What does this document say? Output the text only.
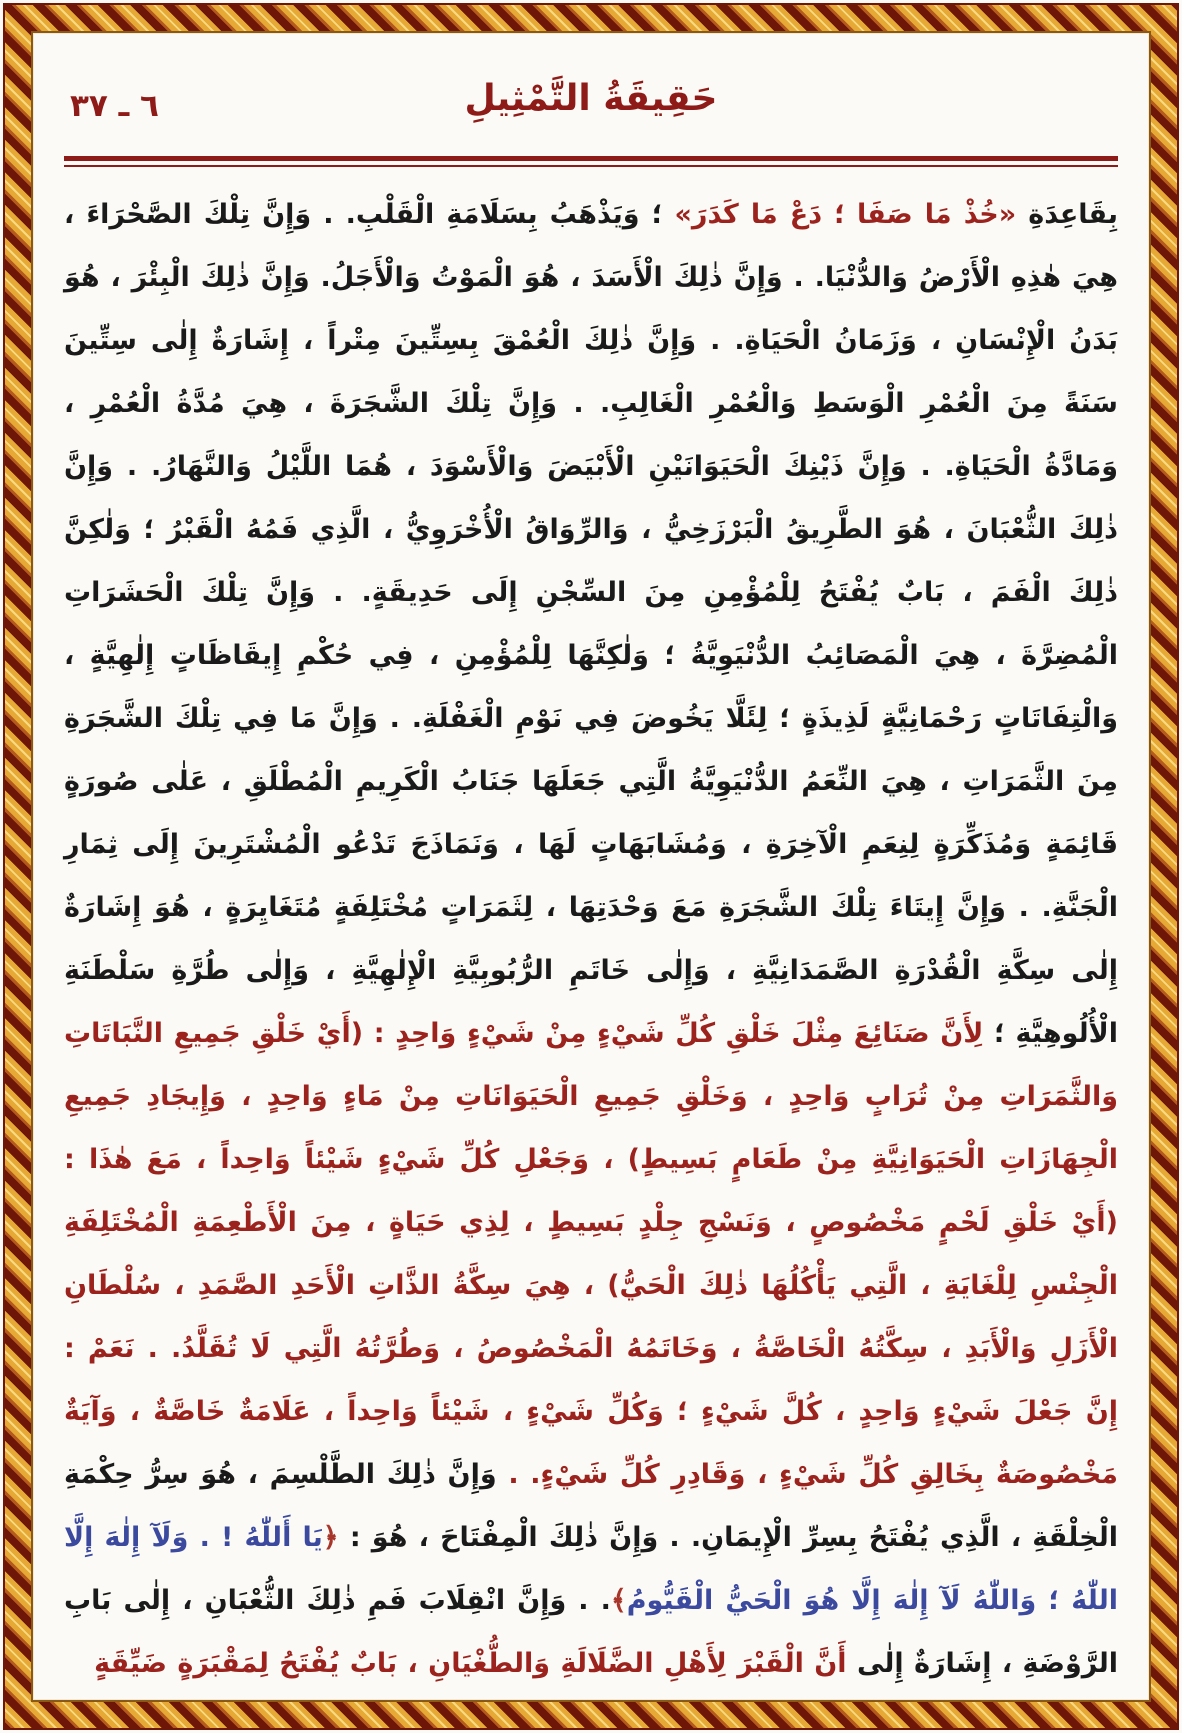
٦ ـ ٣٧	حَقِيقَةُ التَّمْثِيلِ

بِقَاعِدَةِ «خُذْ مَا صَفَا ؛ دَعْ مَا كَدَرَ» ؛ وَيَذْهَبُ بِسَلَامَةِ الْقَلْبِ. . وَإِنَّ تِلْكَ الصَّحْرَاءَ ، هِيَ هٰذِهِ الْأَرْضُ وَالدُّنْيَا. . وَإِنَّ ذٰلِكَ الْأَسَدَ ، هُوَ الْمَوْتُ وَالْأَجَلُ. وَإِنَّ ذٰلِكَ الْبِئْرَ ، هُوَ بَدَنُ الْإِنْسَانِ ، وَزَمَانُ الْحَيَاةِ. . وَإِنَّ ذٰلِكَ الْعُمْقَ بِسِتِّينَ مِتْراً ، إِشَارَةٌ إِلٰى سِتِّينَ سَنَةً مِنَ الْعُمْرِ الْوَسَطِ وَالْعُمْرِ الْغَالِبِ. . وَإِنَّ تِلْكَ الشَّجَرَةَ ، هِيَ مُدَّةُ الْعُمْرِ ، وَمَادَّةُ الْحَيَاةِ. . وَإِنَّ ذَيْنِكَ الْحَيَوَانَيْنِ الْأَبْيَضَ وَالْأَسْوَدَ ، هُمَا اللَّيْلُ وَالنَّهَارُ. . وَإِنَّ ذٰلِكَ الثُّعْبَانَ ، هُوَ الطَّرِيقُ الْبَرْزَخِيُّ ، وَالرِّوَاقُ الْأُخْرَوِيُّ ، الَّذِي فَمُهُ الْقَبْرُ ؛ وَلٰكِنَّ ذٰلِكَ الْفَمَ ، بَابٌ يُفْتَحُ لِلْمُؤْمِنِ مِنَ السِّجْنِ إِلَى حَدِيقَةٍ. . وَإِنَّ تِلْكَ الْحَشَرَاتِ الْمُضِرَّةَ ، هِيَ الْمَصَائِبُ الدُّنْيَوِيَّةُ ؛ وَلٰكِنَّهَا لِلْمُؤْمِنِ ، فِي حُكْمِ إِيقَاظَاتٍ إِلٰهِيَّةٍ ، وَالْتِفَاتَاتٍ رَحْمَانِيَّةٍ لَذِيذَةٍ ؛ لِئَلَّا يَخُوضَ فِي نَوْمِ الْغَفْلَةِ. . وَإِنَّ مَا فِي تِلْكَ الشَّجَرَةِ مِنَ الثَّمَرَاتِ ، هِيَ النِّعَمُ الدُّنْيَوِيَّةُ الَّتِي جَعَلَهَا جَنَابُ الْكَرِيمِ الْمُطْلَقِ ، عَلٰى صُورَةٍ قَائِمَةٍ وَمُذَكِّرَةٍ لِنِعَمِ الْآخِرَةِ ، وَمُشَابَهَاتٍ لَهَا ، وَنَمَاذَجَ تَدْعُو الْمُشْتَرِينَ إِلَى ثِمَارِ الْجَنَّةِ. . وَإِنَّ إِيتَاءَ تِلْكَ الشَّجَرَةِ مَعَ وَحْدَتِهَا ، لِثَمَرَاتٍ مُخْتَلِفَةٍ مُتَغَايِرَةٍ ، هُوَ إِشَارَةٌ إِلٰى سِكَّةِ الْقُدْرَةِ الصَّمَدَانِيَّةِ ، وَإِلٰى خَاتَمِ الرُّبُوبِيَّةِ الْإِلٰهِيَّةِ ، وَإِلٰى طُرَّةِ سَلْطَنَةِ الْأُلُوهِيَّةِ ؛ لِأَنَّ صَنَائِعَ مِثْلَ خَلْقِ كُلِّ شَيْءٍ مِنْ شَيْءٍ وَاحِدٍ : (أَيْ خَلْقِ جَمِيعِ النَّبَاتَاتِ وَالثَّمَرَاتِ مِنْ تُرَابٍ وَاحِدٍ ، وَخَلْقِ جَمِيعِ الْحَيَوَانَاتِ مِنْ مَاءٍ وَاحِدٍ ، وَإِيجَادِ جَمِيعِ الْجِهَازَاتِ الْحَيَوَانِيَّةِ مِنْ طَعَامٍ بَسِيطٍ) ، وَجَعْلِ كُلِّ شَيْءٍ شَيْئاً وَاحِداً ، مَعَ هٰذَا : (أَيْ خَلْقِ لَحْمٍ مَخْصُوصٍ ، وَنَسْجِ جِلْدٍ بَسِيطٍ ، لِذِي حَيَاةٍ ، مِنَ الْأَطْعِمَةِ الْمُخْتَلِفَةِ الْجِنْسِ لِلْغَايَةِ ، الَّتِي يَأْكُلُهَا ذٰلِكَ الْحَيُّ) ، هِيَ سِكَّةُ الذَّاتِ الْأَحَدِ الصَّمَدِ ، سُلْطَانِ الْأَزَلِ وَالْأَبَدِ ، سِكَّتُهُ الْخَاصَّةُ ، وَخَاتَمُهُ الْمَخْصُوصُ ، وَطُرَّتُهُ الَّتِي لَا تُقَلَّدُ. . نَعَمْ : إِنَّ جَعْلَ شَيْءٍ وَاحِدٍ ، كُلَّ شَيْءٍ ؛ وَكُلِّ شَيْءٍ ، شَيْئاً وَاحِداً ، عَلَامَةٌ خَاصَّةٌ ، وَآيَةٌ مَخْصُوصَةٌ بِخَالِقِ كُلِّ شَيْءٍ ، وَقَادِرِ كُلِّ شَيْءٍ. . وَإِنَّ ذٰلِكَ الطَّلْسِمَ ، هُوَ سِرُّ حِكْمَةِ الْخِلْقَةِ ، الَّذِي يُفْتَحُ بِسِرِّ الْإِيمَانِ. . وَإِنَّ ذٰلِكَ الْمِفْتَاحَ ، هُوَ : ﴿يَا أَللّٰهُ ! . وَلَآ إِلٰهَ إِلَّا اللّٰهُ ؛ وَاللّٰهُ لَآ إِلٰهَ إِلَّا هُوَ الْحَيُّ الْقَيُّومُ﴾. . وَإِنَّ انْقِلَابَ فَمِ ذٰلِكَ الثُّعْبَانِ ، إِلٰى بَابِ الرَّوْضَةِ ، إِشَارَةٌ إِلٰى أَنَّ الْقَبْرَ لِأَهْلِ الضَّلَالَةِ وَالطُّغْيَانِ ، بَابٌ يُفْتَحُ لِمَقْبَرَةٍ ضَيِّقَةٍ
